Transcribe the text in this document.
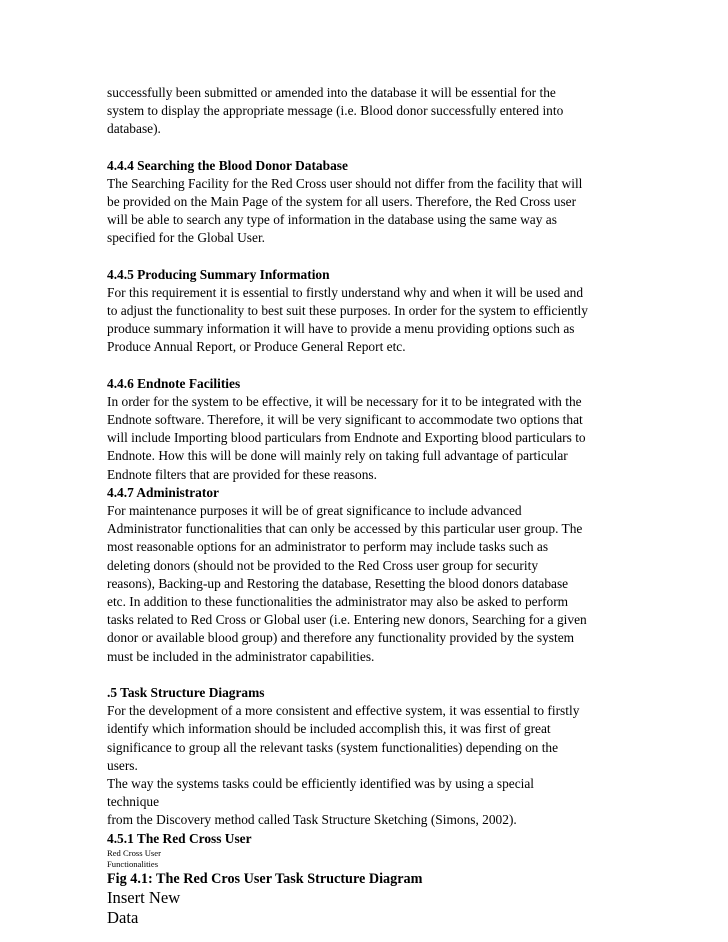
successfully been submitted or amended into the database it will be essential for the
system to display the appropriate message (i.e. Blood donor successfully entered into
database).

4.4.4 Searching the Blood Donor Database

The Searching Facility for the Red Cross user should not differ from the facility that will
be provided on the Main Page of the system for all users. Therefore, the Red Cross user
will be able to search any type of information in the database using the same way as
specified for the Global User.

4.4.5 Producing Summary Information

For this requirement it is essential to firstly understand why and when it will be used and
to adjust the functionality to best suit these purposes. In order for the system to efficiently
produce summary information it will have to provide a menu providing options such as
Produce Annual Report, or Produce General Report etc.

4.4.6 Endnote Facilities

In order for the system to be effective, it will be necessary for it to be integrated with the
Endnote software. Therefore, it will be very significant to accommodate two options that
will include Importing blood particulars from Endnote and Exporting blood particulars to
Endnote. How this will be done will mainly rely on taking full advantage of particular
Endnote filters that are provided for these reasons.

4.4.7 Administrator

For maintenance purposes it will be of great significance to include advanced
Administrator functionalities that can only be accessed by this particular user group. The
most reasonable options for an administrator to perform may include tasks such as
deleting donors (should not be provided to the Red Cross user group for security
reasons), Backing-up and Restoring the database, Resetting the blood donors database
etc. In addition to these functionalities the administrator may also be asked to perform
tasks related to Red Cross or Global user (i.e. Entering new donors, Searching for a given
donor or available blood group) and therefore any functionality provided by the system
must be included in the administrator capabilities.

.5 Task Structure Diagrams

For the development of a more consistent and effective system, it was essential to firstly
identify which information should be included accomplish this, it was first of great
significance to group all the relevant tasks (system functionalities) depending on the
users.
The way the systems tasks could be efficiently identified was by using a special
technique
from the Discovery method called Task Structure Sketching (Simons, 2002).

4.5.1 The Red Cross User

Red Cross User

Functionalities

Fig 4.1: The Red Cros User Task Structure Diagram

Insert New
Data
